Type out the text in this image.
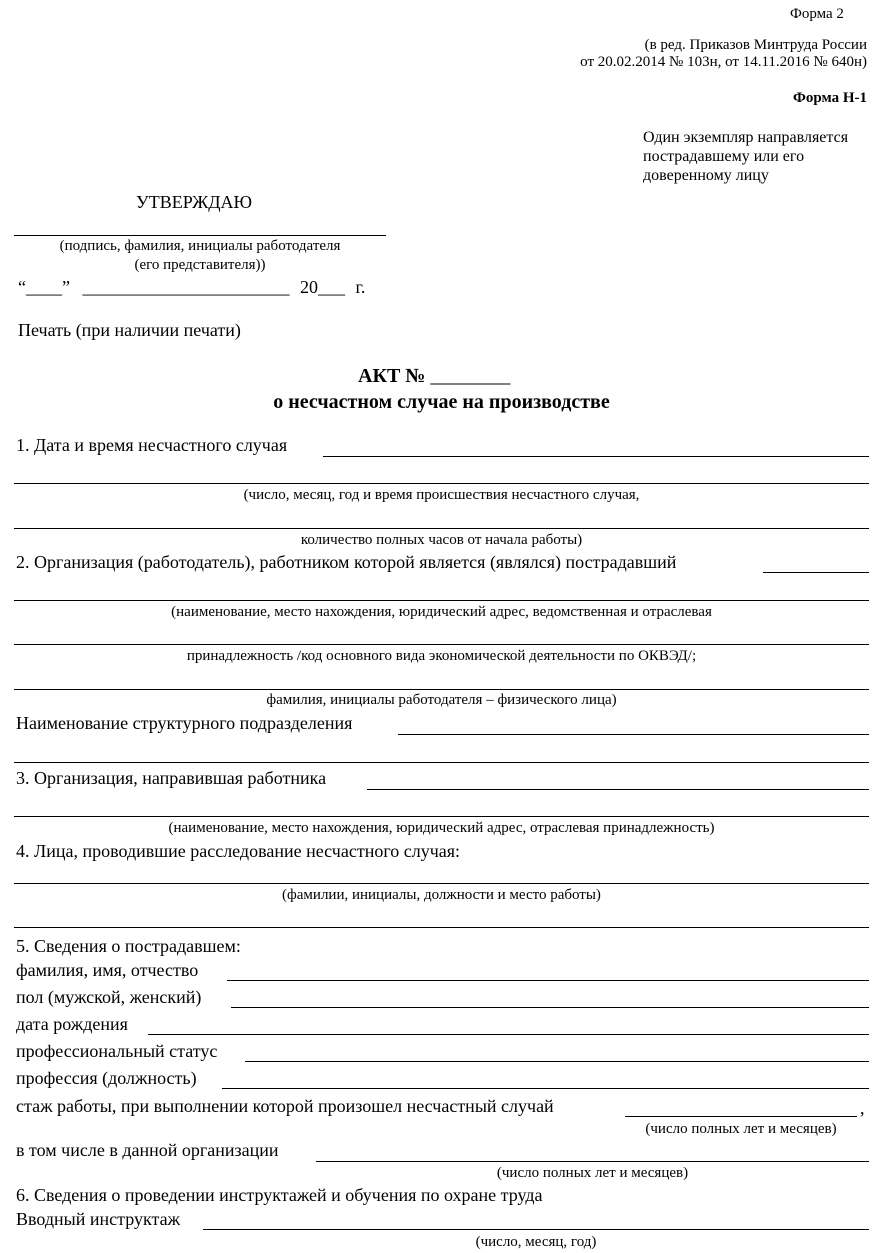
Форма 2
(в ред. Приказов Минтруда России
от 20.02.2014 № 103н, от 14.11.2016 № 640н)
Форма Н-1
Один экземпляр направляется
пострадавшему или его
доверенному лицу
УТВЕРЖДАЮ
(подпись, фамилия, инициалы работодателя
(его представителя))
“____” _______________________ 20___ г.
Печать (при наличии печати)
АКТ № ________
о несчастном случае на производстве
1. Дата и время несчастного случая
(число, месяц, год и время происшествия несчастного случая,
количество полных часов от начала работы)
2. Организация (работодатель), работником которой является (являлся) пострадавший
(наименование, место нахождения, юридический адрес, ведомственная и отраслевая
принадлежность /код основного вида экономической деятельности по ОКВЭД/;
фамилия, инициалы работодателя – физического лица)
Наименование структурного подразделения
3. Организация, направившая работника
(наименование, место нахождения, юридический адрес, отраслевая принадлежность)
4. Лица, проводившие расследование несчастного случая:
(фамилии, инициалы, должности и место работы)
5. Сведения о пострадавшем:
фамилия, имя, отчество
пол (мужской, женский)
дата рождения
профессиональный статус
профессия (должность)
стаж работы, при выполнении которой произошел несчастный случай	,
(число полных лет и месяцев)
в том числе в данной организации
(число полных лет и месяцев)
6. Сведения о проведении инструктажей и обучения по охране труда
Вводный инструктаж
(число, месяц, год)
